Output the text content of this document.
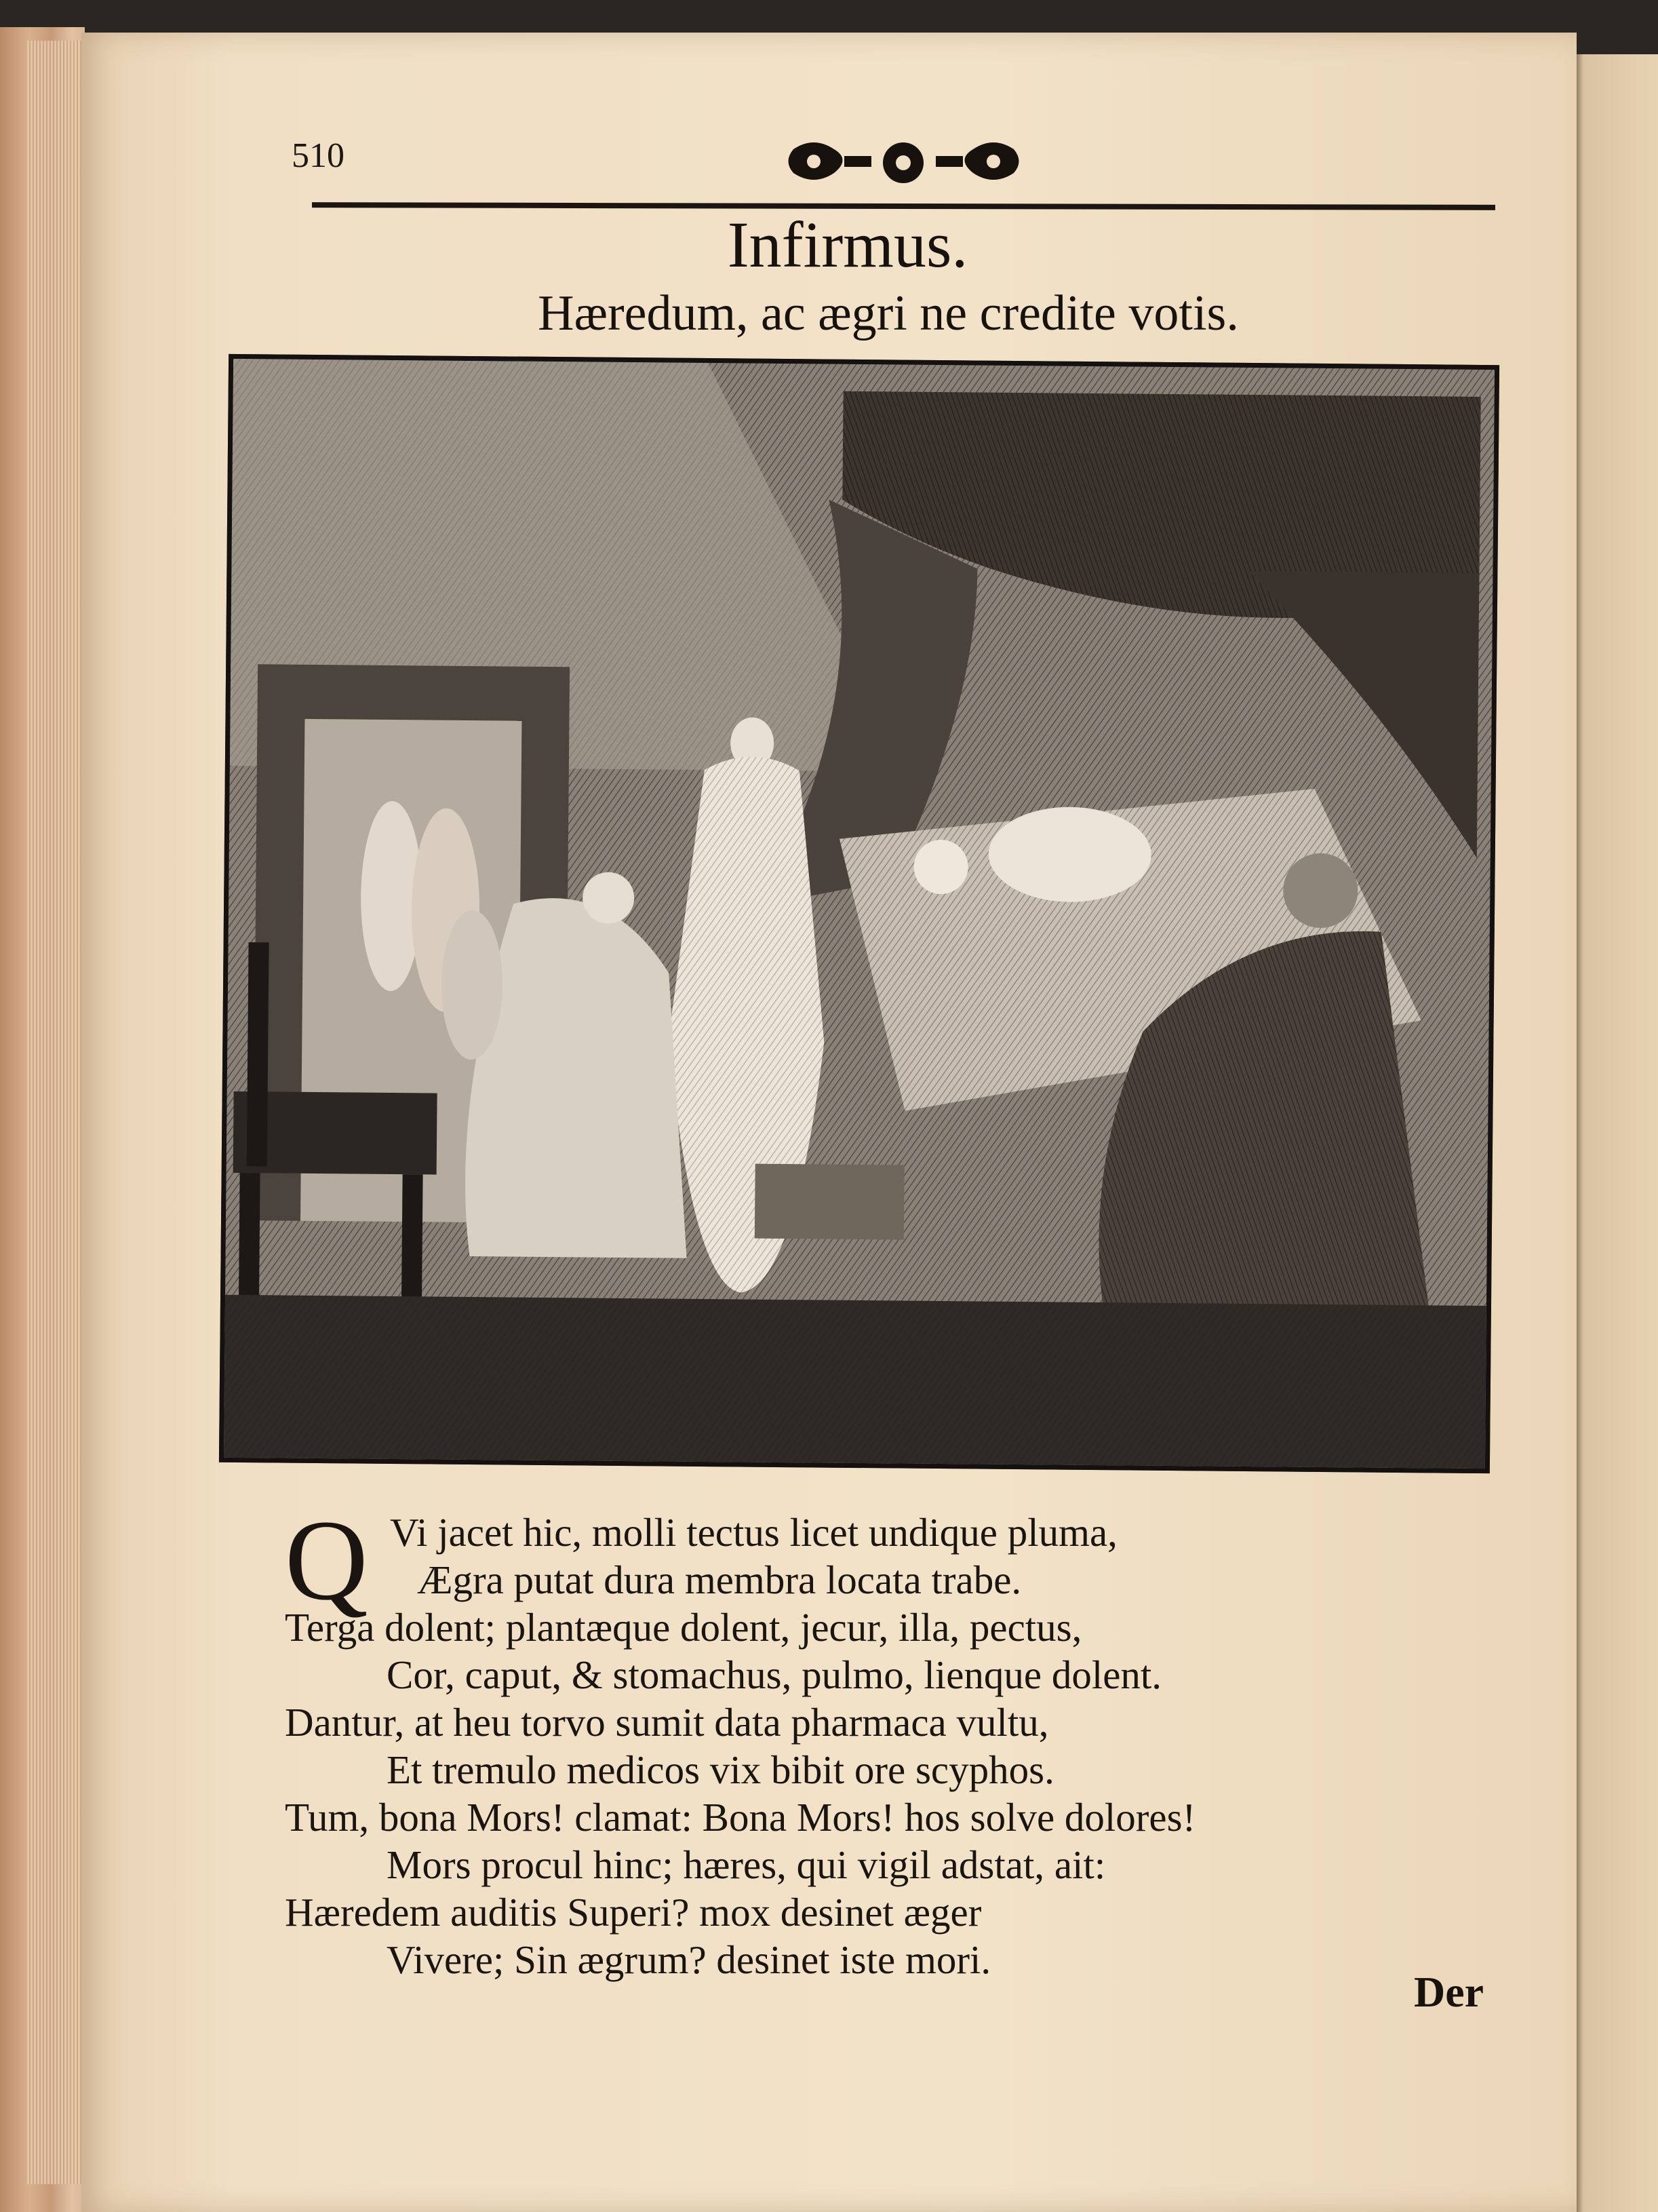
510
Infirmus.
Hæredum, ac ægri ne credite votis.
Q Vi jacet hic, molli tectus licet undique pluma,
Ægra putat dura membra locata trabe.
Terga dolent; plantæque dolent, jecur, illa, pectus,
Cor, caput, & stomachus, pulmo, lienque dolent.
Dantur, at heu torvo sumit data pharmaca vultu,
Et tremulo medicos vix bibit ore scyphos.
Tum, bona Mors! clamat: Bona Mors! hos solve dolores!
Mors procul hinc; hæres, qui vigil adstat, ait:
Hæredem auditis Superi? mox desinet æger
Vivere; Sin ægrum? desinet iste mori.
Der
